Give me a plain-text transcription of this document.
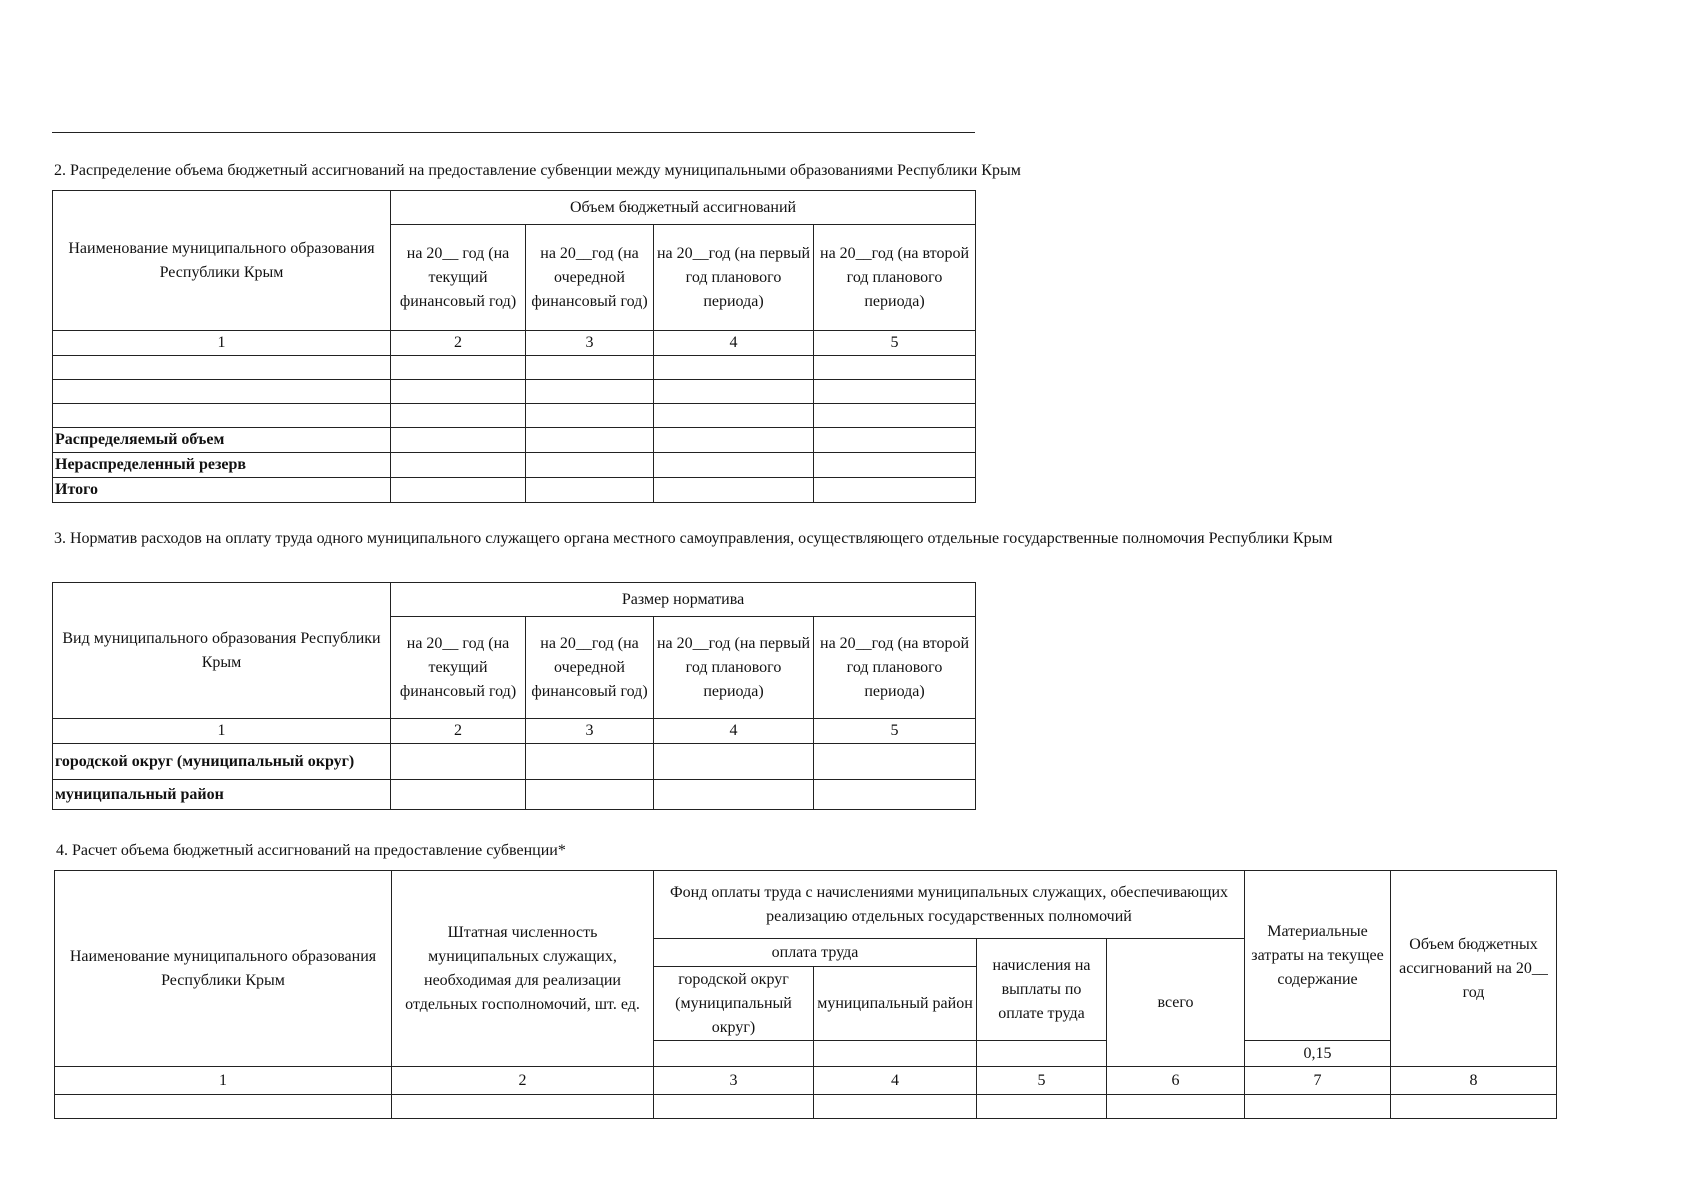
2. Распределение объема бюджетный ассигнований на предоставление субвенции между муниципальными образованиями Республики Крым

Наименование муниципального образования Республики Крым	Объем бюджетный ассигнований			
	на 20__ год (на текущий финансовый год)	на 20__год (на очередной финансовый год)	на 20__год (на первый год планового периода)	на 20__год (на второй год планового периода)
1	2	3	4	5

Распределяемый объем				
Нераспределенный резерв				
Итого				

3. Норматив расходов на оплату труда одного муниципального служащего органа местного самоуправления, осуществляющего отдельные государственные полномочия Республики Крым

Вид муниципального образования Республики Крым	Размер норматива			
	на 20__ год (на текущий финансовый год)	на 20__год (на очередной финансовый год)	на 20__год (на первый год планового периода)	на 20__год (на второй год планового периода)
1	2	3	4	5
городской округ (муниципальный округ)				
муниципальный район				

4. Расчет объема бюджетный ассигнований на предоставление субвенции*

Наименование муниципального образования Республики Крым	Штатная численность муниципальных служащих, необходимая для реализации отдельных госполномочий, шт. ед.	Фонд оплаты труда с начислениями муниципальных служащих, обеспечивающих реализацию отдельных государственных полномочий				Материальные затраты на текущее содержание	Объем бюджетных ассигнований на 20__ год
		оплата труда		начисления на выплаты по оплате труда	всего		
		городской округ (муниципальный округ)	муниципальный район				
						0,15	
1	2	3	4	5	6	7	8
